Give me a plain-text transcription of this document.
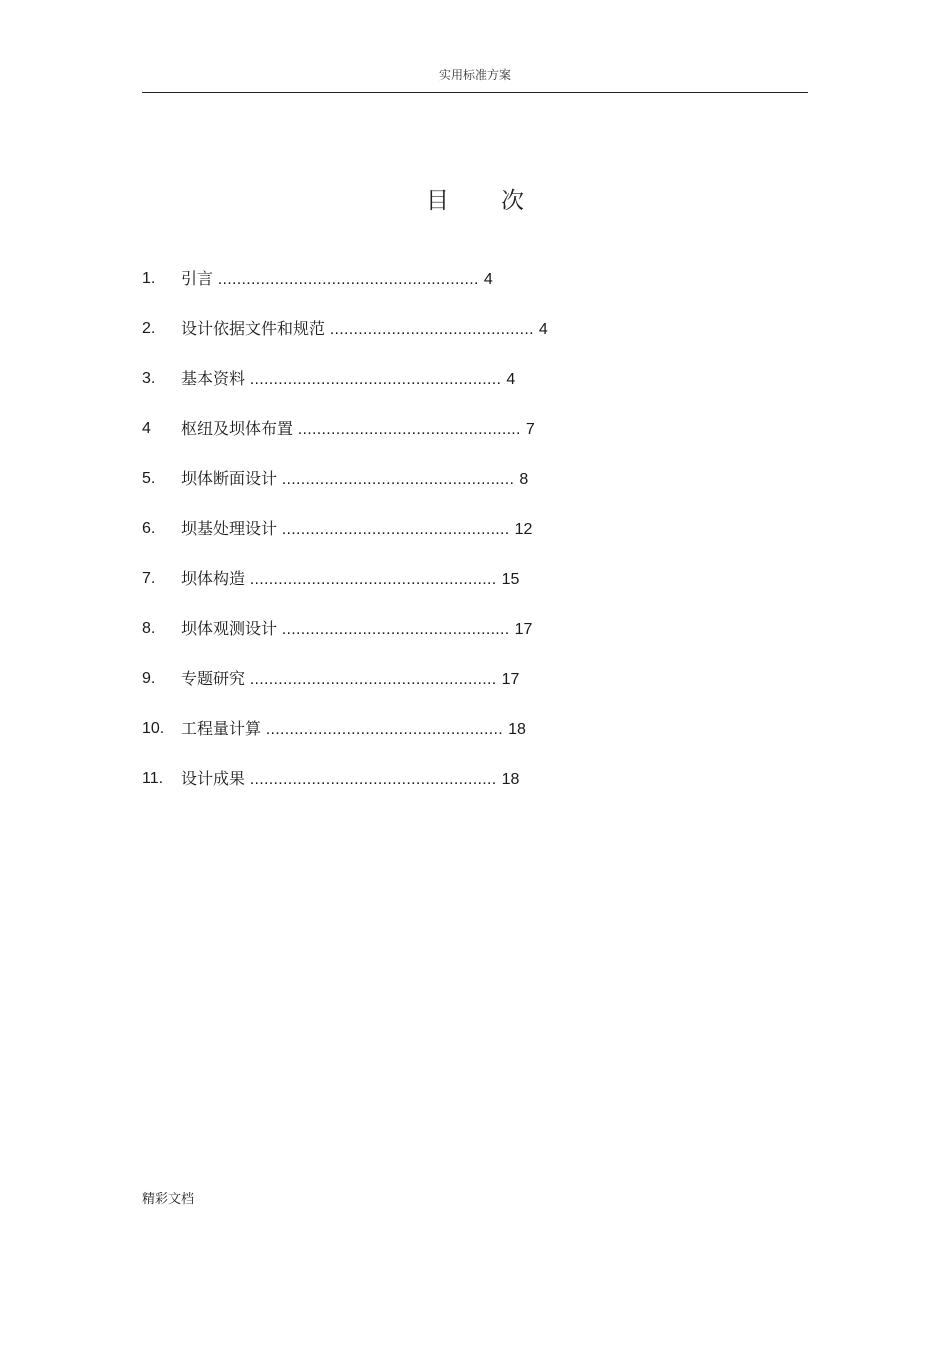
实用标准方案
目 次
1. 引言 ....................................................... 4
2. 设计依据文件和规范 ........................................... 4
3. 基本资料 ..................................................... 4
4 枢纽及坝体布置 ............................................... 7
5. 坝体断面设计 ................................................. 8
6. 坝基处理设计 ................................................ 12
7. 坝体构造 .................................................... 15
8. 坝体观测设计 ................................................ 17
9. 专题研究 .................................................... 17
10. 工程量计算 .................................................. 18
11. 设计成果 .................................................... 18
精彩文档
